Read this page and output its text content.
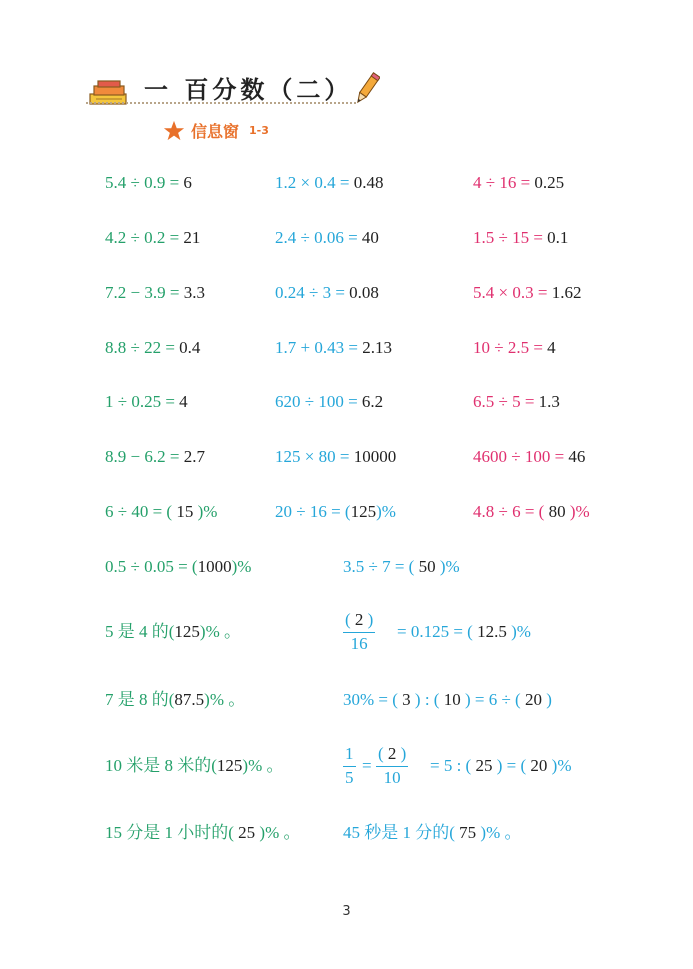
一 百分数（二）
信息窗 1-3
5.4 ÷ 0.9 = 6	1.2 × 0.4 = 0.48	4 ÷ 16 = 0.25
4.2 ÷ 0.2 = 21	2.4 ÷ 0.06 = 40	1.5 ÷ 15 = 0.1
7.2 − 3.9 = 3.3	0.24 ÷ 3 = 0.08	5.4 × 0.3 = 1.62
8.8 ÷ 22 = 0.4	1.7 + 0.43 = 2.13	10 ÷ 2.5 = 4
1 ÷ 0.25 = 4	620 ÷ 100 = 6.2	6.5 ÷ 5 = 1.3
8.9 − 6.2 = 2.7	125 × 80 = 10000	4600 ÷ 100 = 46
6 ÷ 40 = ( 15 )%	20 ÷ 16 = (125)%	4.8 ÷ 6 = ( 80 )%
0.5 ÷ 0.05 = (1000)%	3.5 ÷ 7 = ( 50 )%
5 是 4 的(125)% 。	$\frac{( 2 )}{16} = 0.125$ = ( 12.5 )%
7 是 8 的(87.5)% 。	30% = ( 3 ) : ( 10 ) = 6 ÷ ( 20 )
10 米是 8 米的(125)% 。	$\frac{1}{5} = \frac{( 2 )}{10} = 5$ : ( 25 ) = ( 20 )%
15 分是 1 小时的( 25 )% 。	45 秒是 1 分的( 75 )% 。
3
